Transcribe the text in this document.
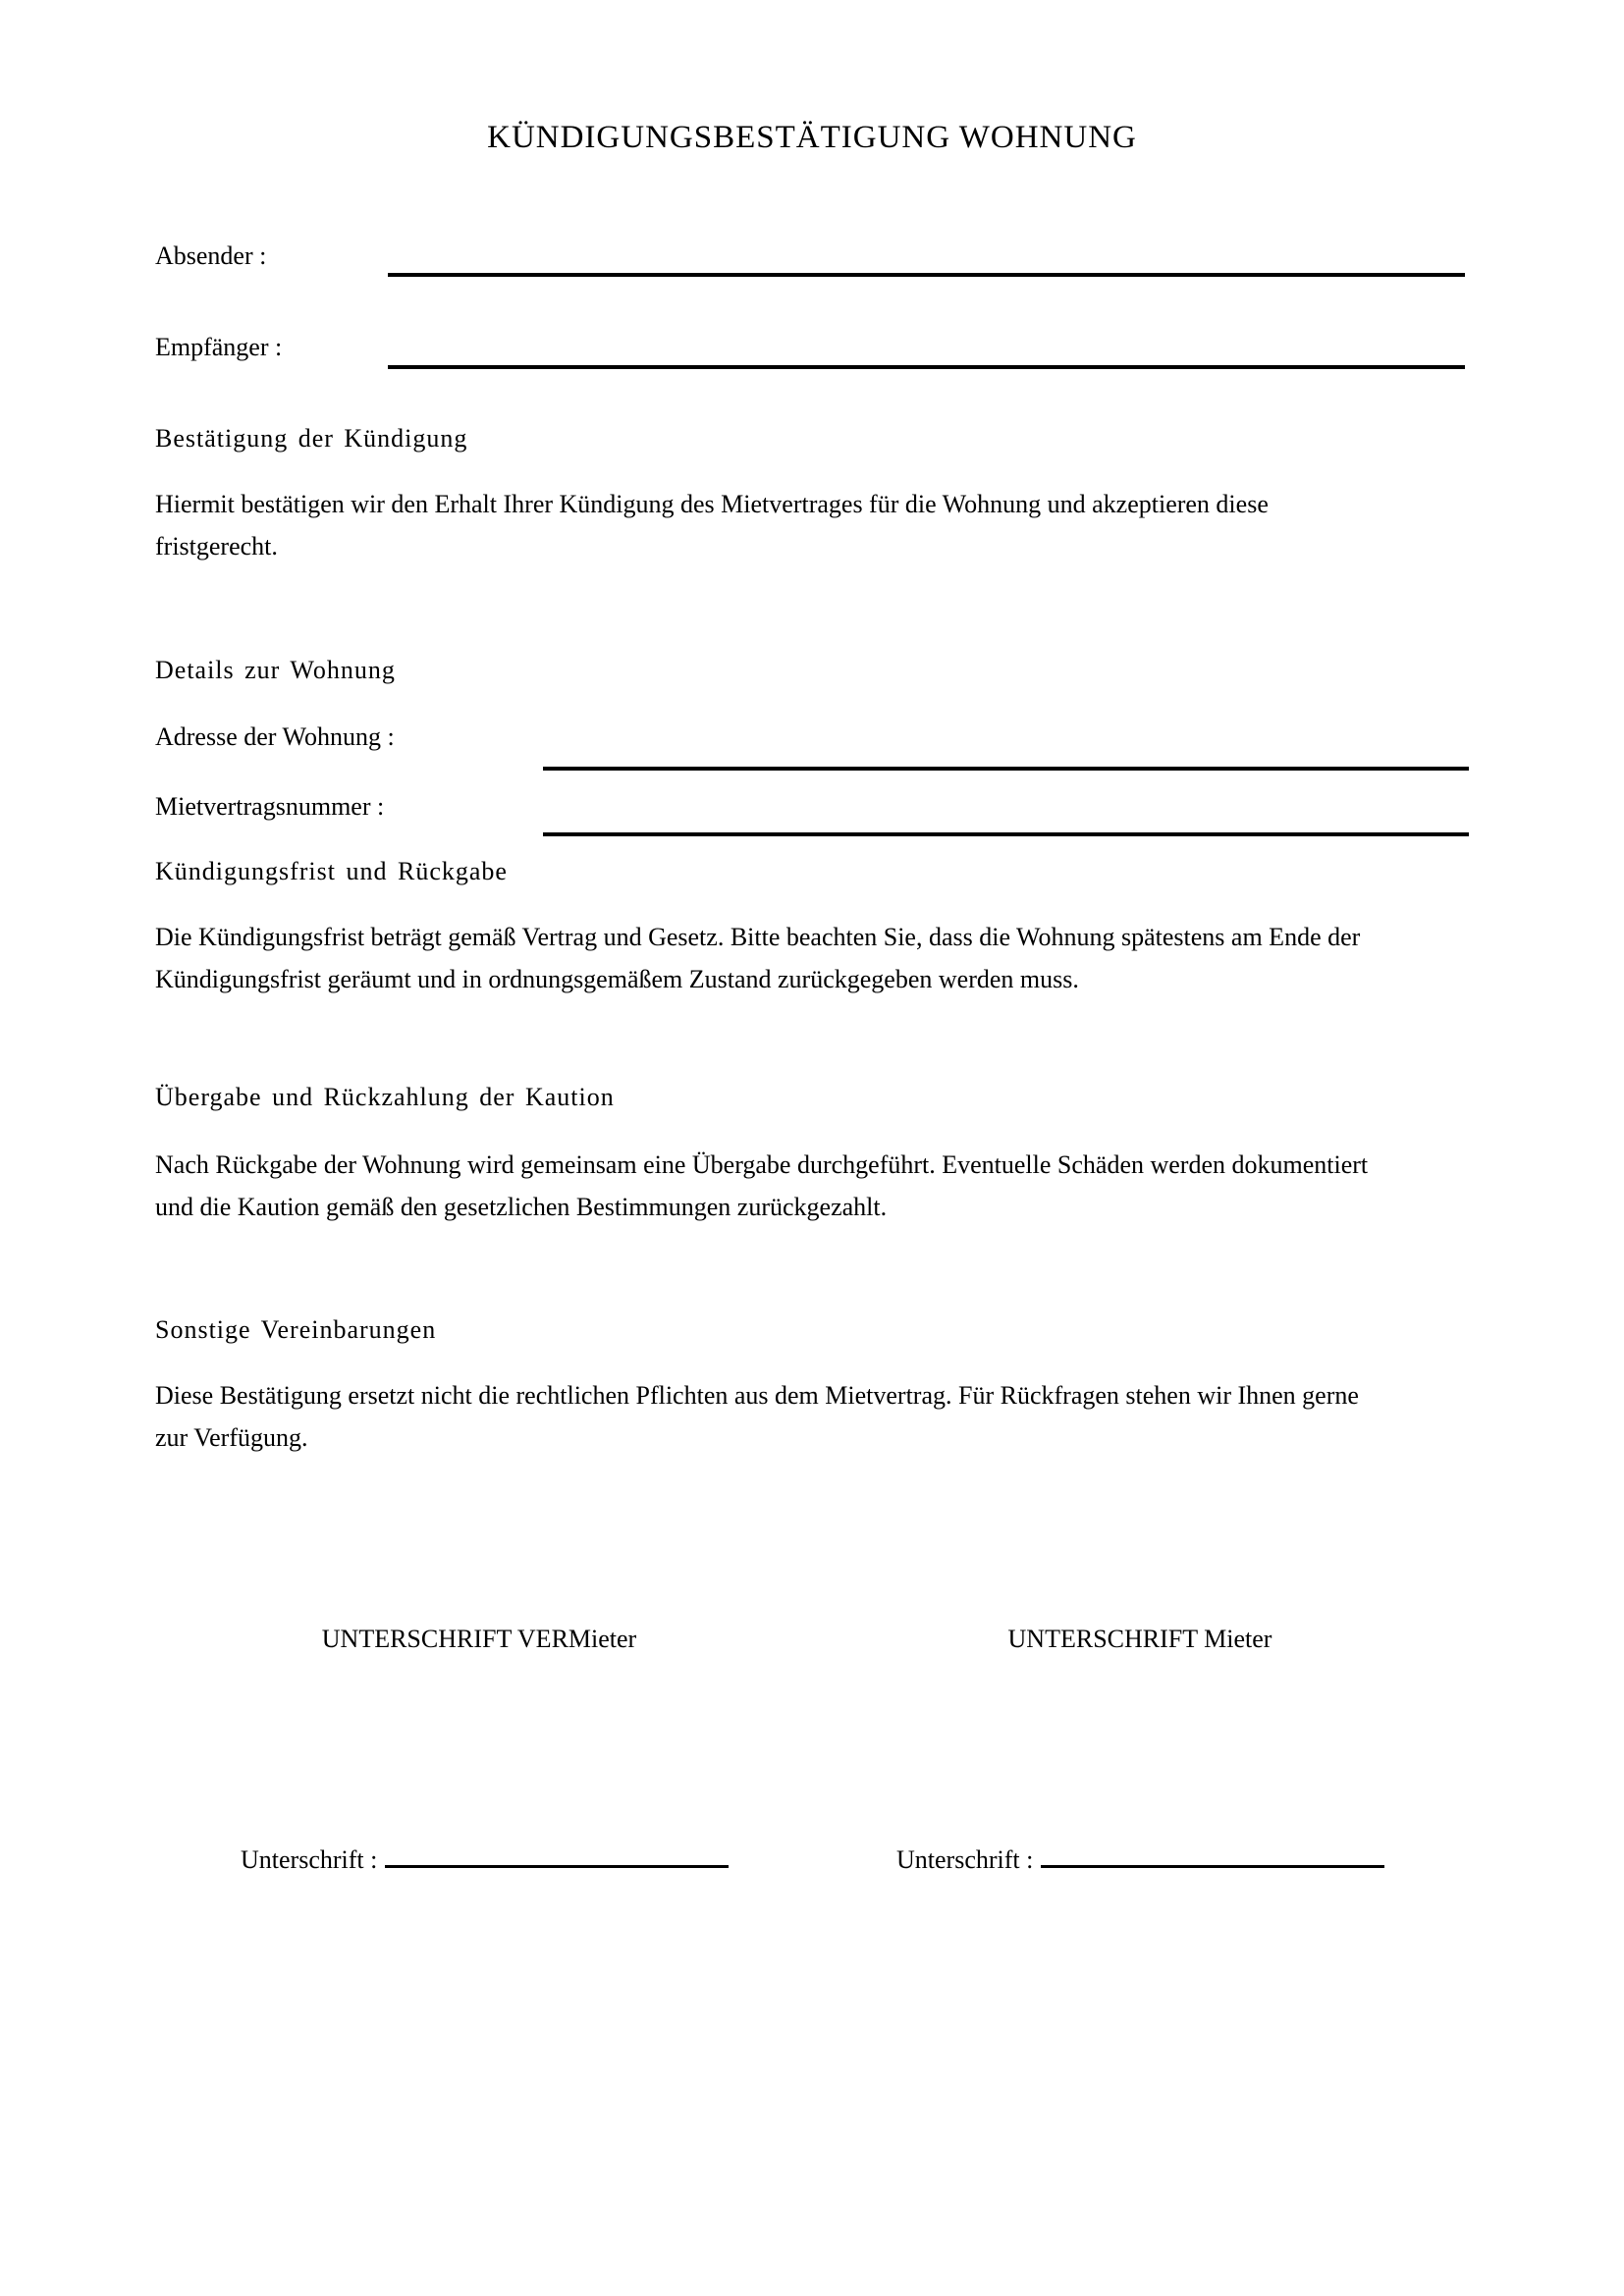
KÜNDIGUNGSBESTÄTIGUNG WOHNUNG
Absender :
Empfänger :
Bestätigung der Kündigung
Hiermit bestätigen wir den Erhalt Ihrer Kündigung des Mietvertrages für die Wohnung und akzeptieren diese
fristgerecht.
Details zur Wohnung
Adresse der Wohnung :
Mietvertragsnummer :
Kündigungsfrist und Rückgabe
Die Kündigungsfrist beträgt gemäß Vertrag und Gesetz. Bitte beachten Sie, dass die Wohnung spätestens am Ende der
Kündigungsfrist geräumt und in ordnungsgemäßem Zustand zurückgegeben werden muss.
Übergabe und Rückzahlung der Kaution
Nach Rückgabe der Wohnung wird gemeinsam eine Übergabe durchgeführt. Eventuelle Schäden werden dokumentiert
und die Kaution gemäß den gesetzlichen Bestimmungen zurückgezahlt.
Sonstige Vereinbarungen
Diese Bestätigung ersetzt nicht die rechtlichen Pflichten aus dem Mietvertrag. Für Rückfragen stehen wir Ihnen gerne
zur Verfügung.
UNTERSCHRIFT VERMieter	UNTERSCHRIFT Mieter
Unterschrift :	Unterschrift :
